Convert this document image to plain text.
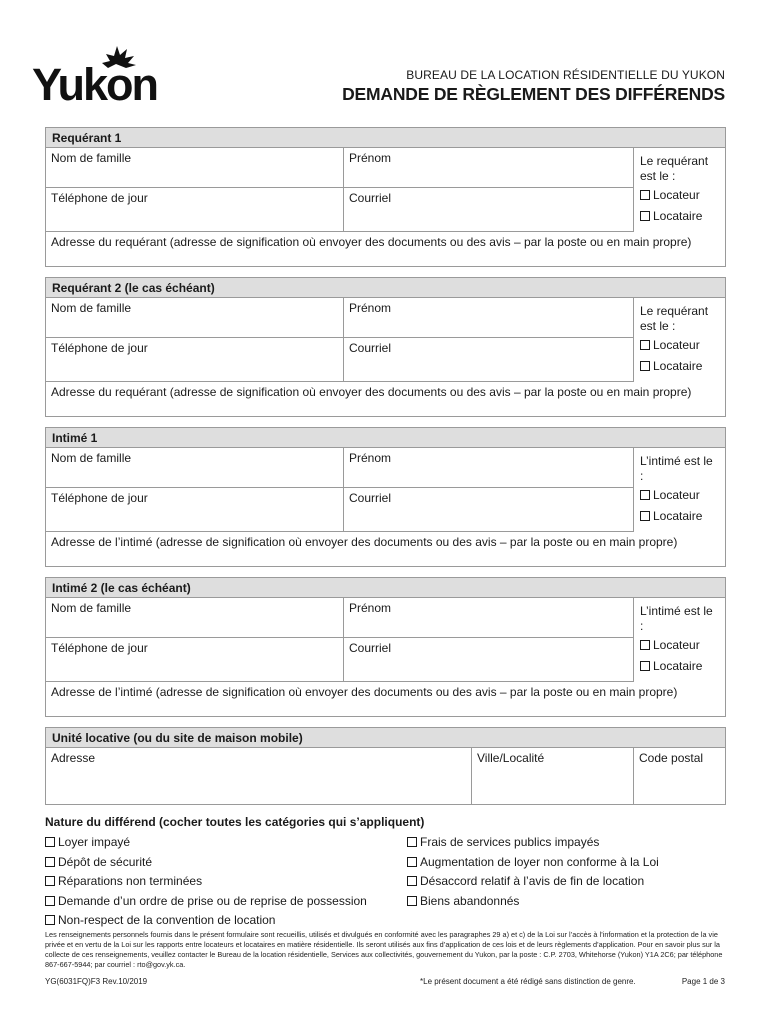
Yukon	BUREAU DE LA LOCATION RÉSIDENTIELLE DU YUKON
DEMANDE DE RÈGLEMENT DES DIFFÉRENDS
Requérant 1
Nom de famille	Prénom
Téléphone de jour	Courriel
Le requérant est le :
Locateur
Locataire
Adresse du requérant (adresse de signification où envoyer des documents ou des avis – par la poste ou en main propre)
Requérant 2 (le cas échéant)
Nom de famille	Prénom
Téléphone de jour	Courriel
Le requérant est le :
Locateur
Locataire
Adresse du requérant (adresse de signification où envoyer des documents ou des avis – par la poste ou en main propre)
Intimé 1
Nom de famille	Prénom
Téléphone de jour	Courriel
L’intimé est le :
Locateur
Locataire
Adresse de l’intimé (adresse de signification où envoyer des documents ou des avis – par la poste ou en main propre)
Intimé 2 (le cas échéant)
Nom de famille	Prénom
Téléphone de jour	Courriel
L’intimé est le :
Locateur
Locataire
Adresse de l’intimé (adresse de signification où envoyer des documents ou des avis – par la poste ou en main propre)
Unité locative (ou du site de maison mobile)
Adresse	Ville/Localité	Code postal
Nature du différend (cocher toutes les catégories qui s’appliquent)
Loyer impayé
Dépôt de sécurité
Réparations non terminées
Demande d’un ordre de prise ou de reprise de possession
Non-respect de la convention de location
Frais de services publics impayés
Augmentation de loyer non conforme à la Loi
Désaccord relatif à l’avis de fin de location
Biens abandonnés
Les renseignements personnels fournis dans le présent formulaire sont recueillis, utilisés et divulgués en conformité avec les paragraphes 29 a) et c) de la Loi sur l’accès à l’information et la protection de la vie privée et en vertu de la Loi sur les rapports entre locateurs et locataires en matière résidentielle. Ils seront utilisés aux fins d’application de ces lois et de leurs règlements d’application. Pour en savoir plus sur la collecte de ces renseignements, veuillez contacter le Bureau de la location résidentielle, Services aux collectivités, gouvernement du Yukon, par la poste : C.P. 2703, Whitehorse (Yukon) Y1A 2C6; par téléphone 867-667-5944; par courriel : rto@gov.yk.ca.
YG(6031FQ)F3 Rev.10/2019	*Le présent document a été rédigé sans distinction de genre.	Page 1 de 3
